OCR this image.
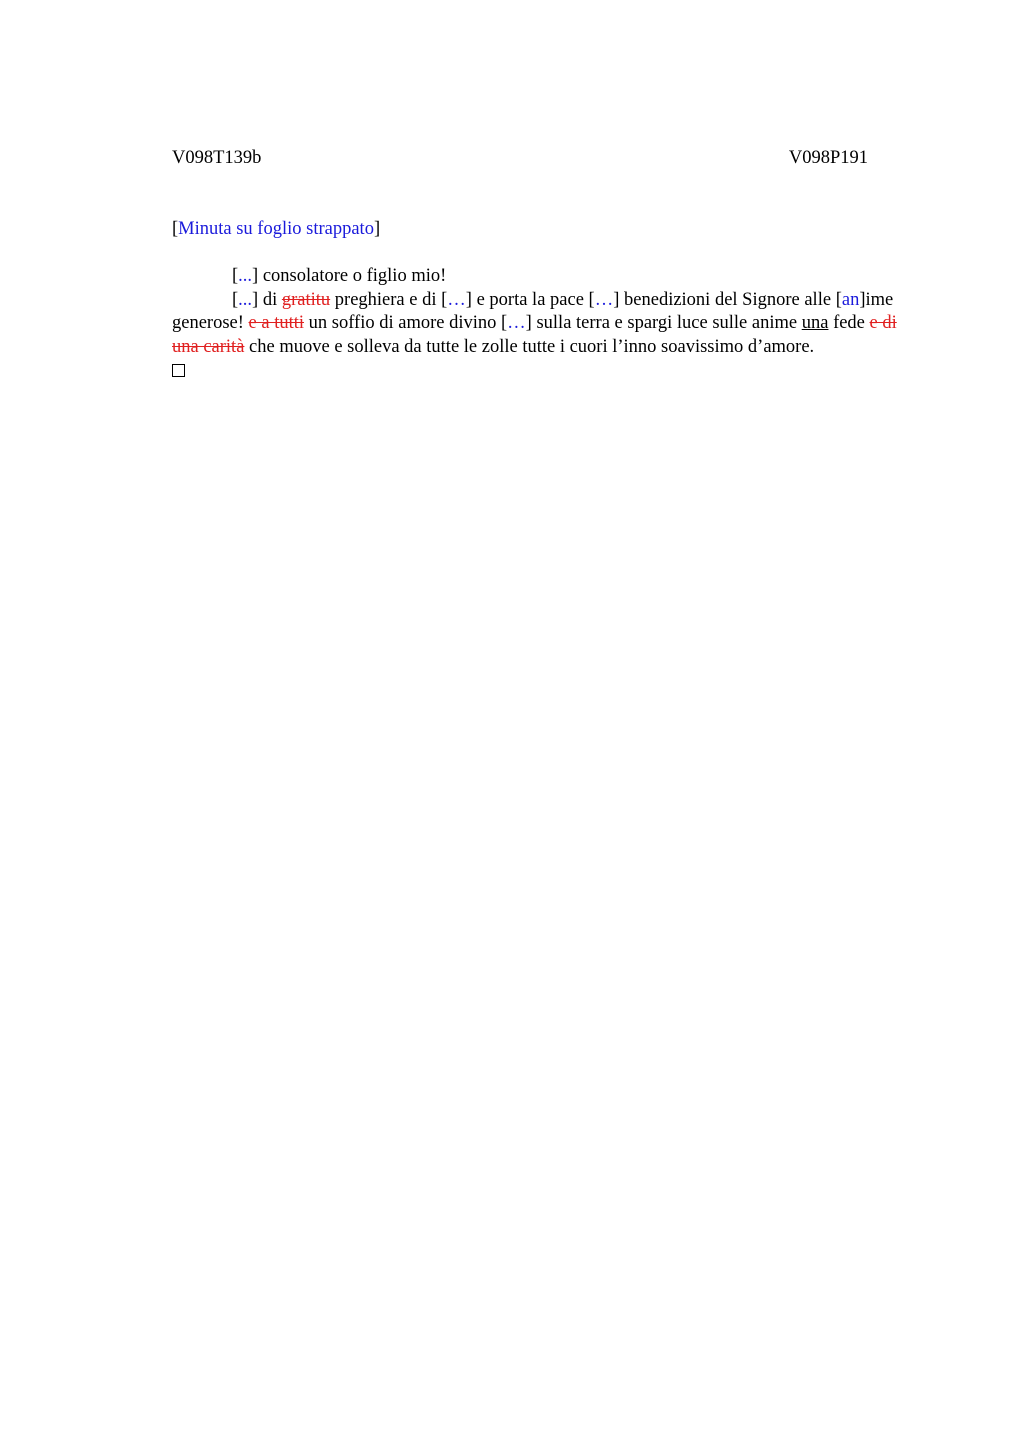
V098T139b	V098P191
[Minuta su foglio strappato]

[...] consolatore o figlio mio!

[...] di gratitu preghiera e di […] e porta la pace […] benedizioni del Signore alle [an]ime generose! e a tutti un soffio di amore divino […] sulla terra e spargi luce sulle anime una fede e di una carità che muove e solleva da tutte le zolle tutte i cuori l’inno soavissimo d’amore.
